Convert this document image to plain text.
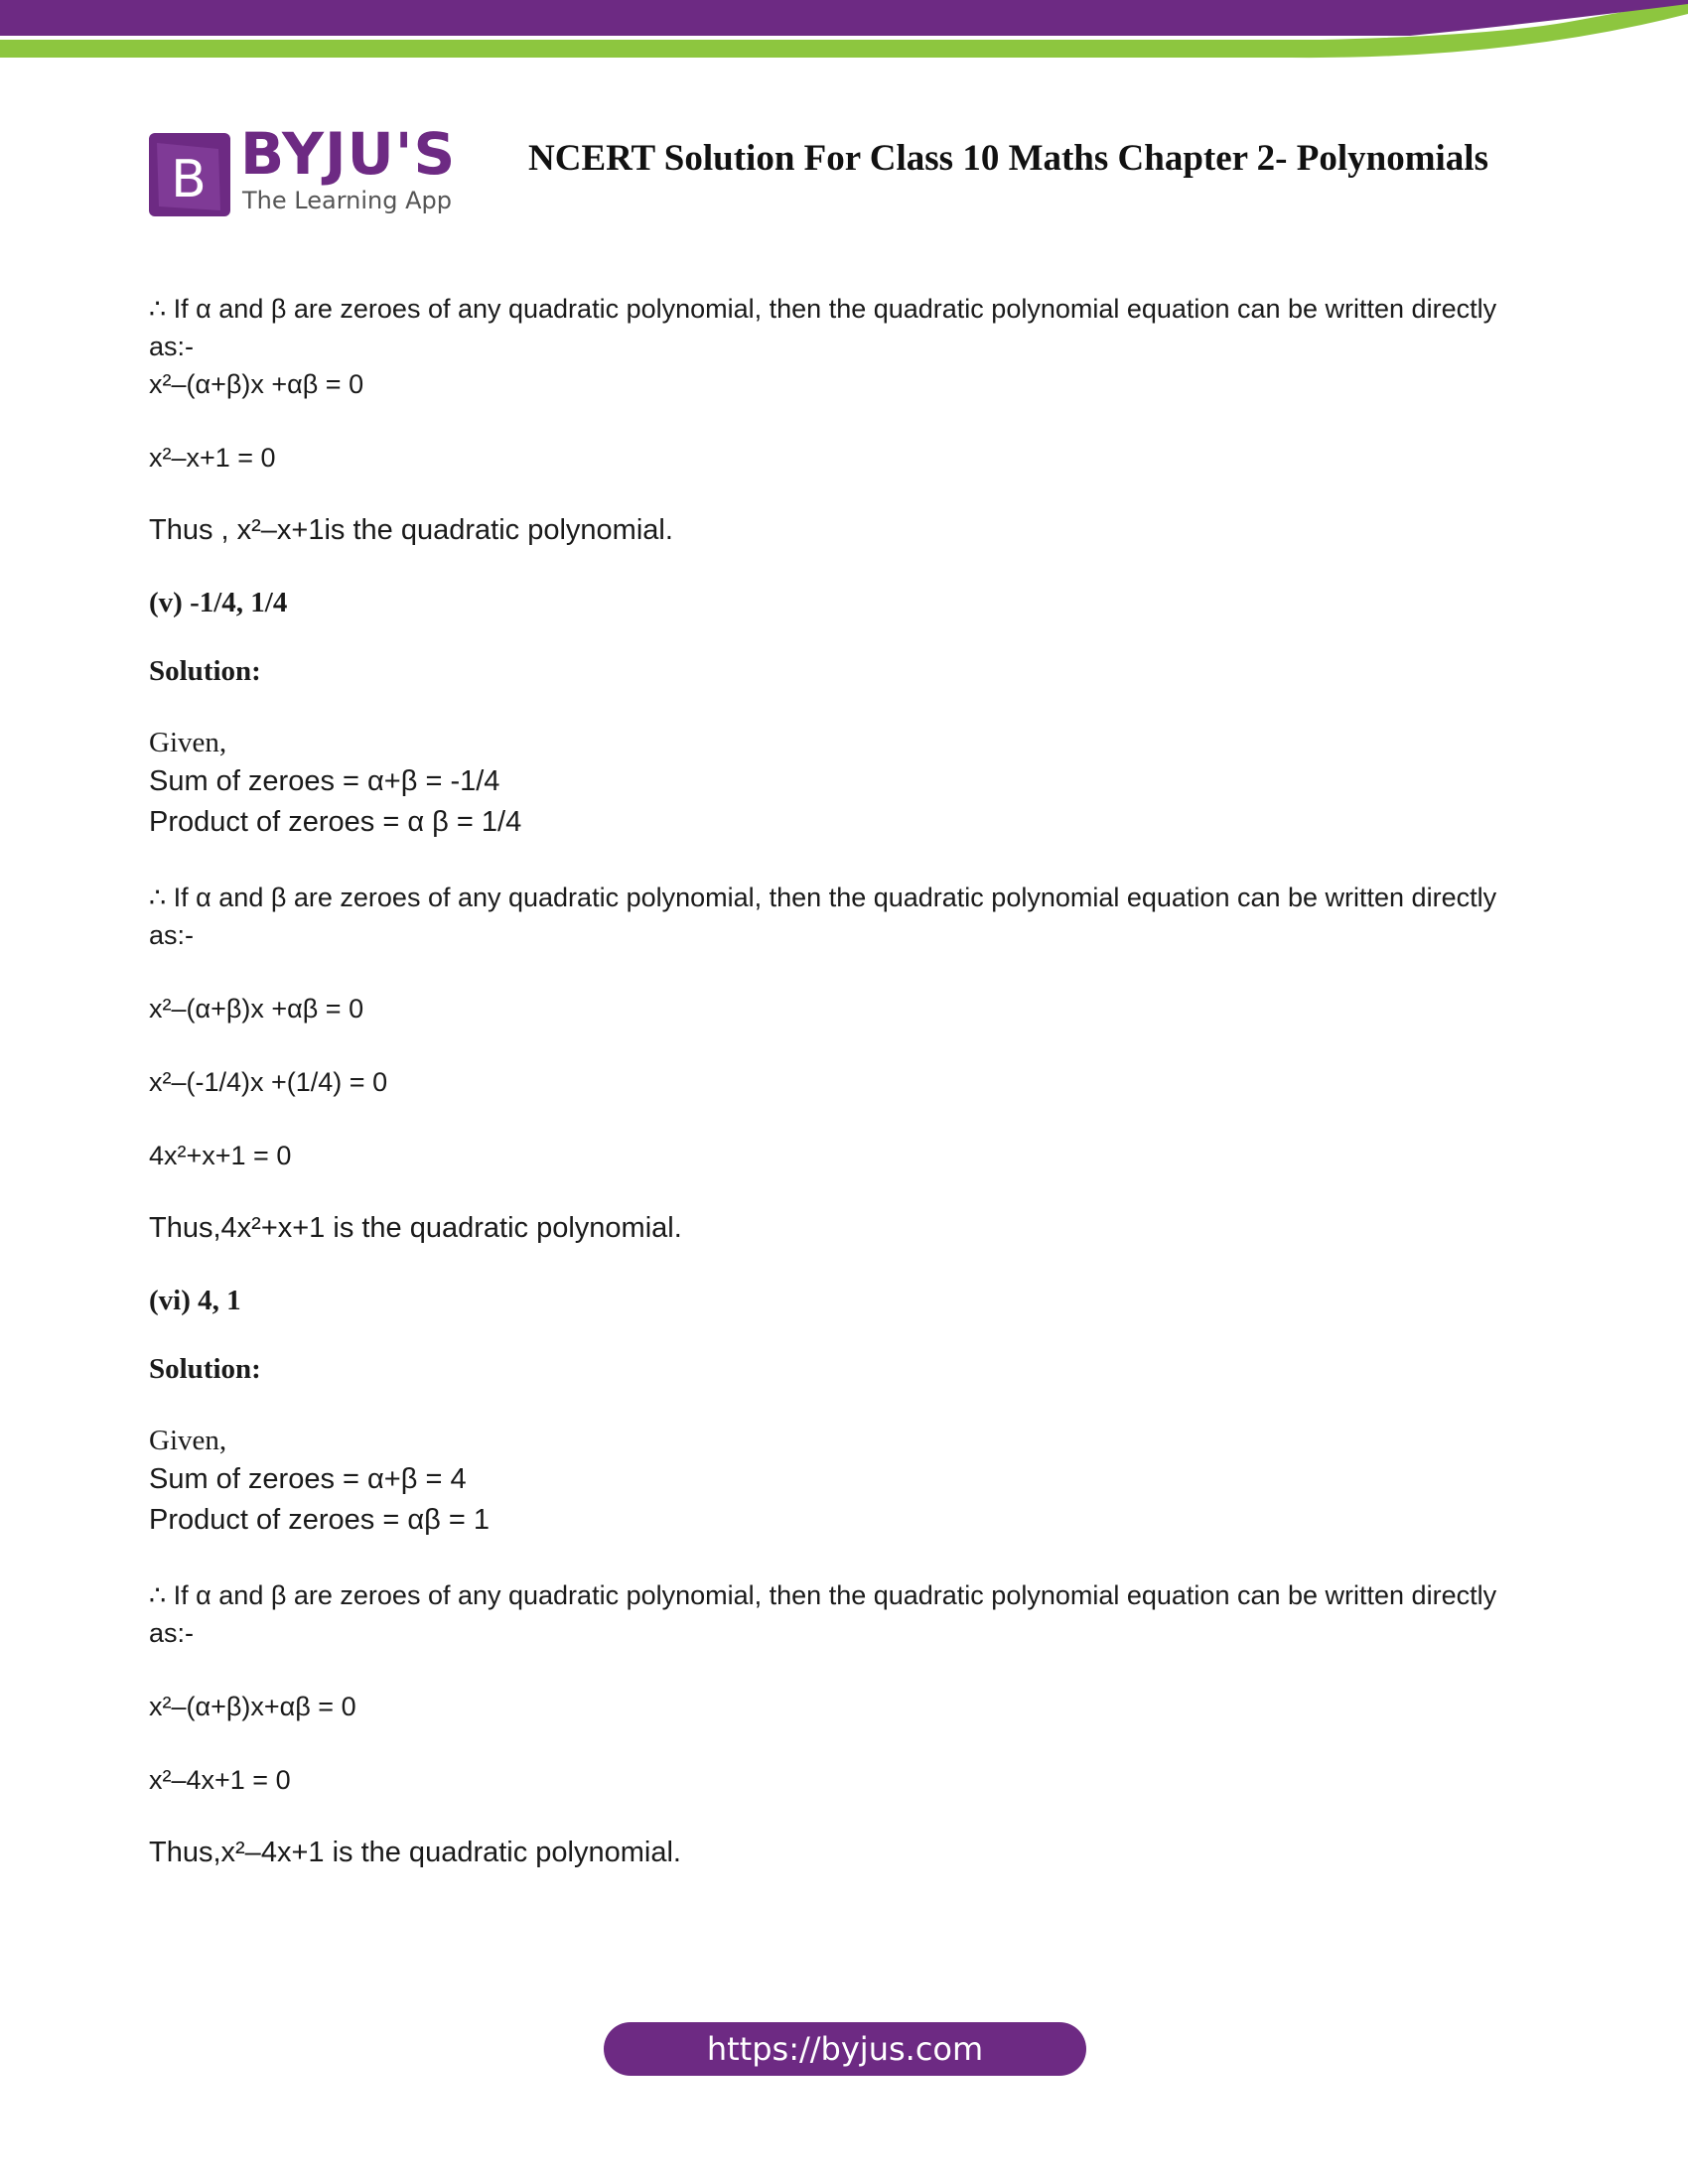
B BYJU'S
The Learning App
NCERT Solution For Class 10 Maths Chapter 2- Polynomials

∴ If α and β are zeroes of any quadratic polynomial, then the quadratic polynomial equation can be written directly

as:-

x²–(α+β)x +αβ = 0

x²–x+1 = 0

Thus , x²–x+1is the quadratic polynomial.

(v) -1/4, 1/4

Solution:

Given,

Sum of zeroes = α+β = -1/4

Product of zeroes = α β = 1/4

∴ If α and β are zeroes of any quadratic polynomial, then the quadratic polynomial equation can be written directly

as:-

x²–(α+β)x +αβ = 0

x²–(-1/4)x +(1/4) = 0

4x²+x+1 = 0

Thus,4x²+x+1 is the quadratic polynomial.

(vi) 4, 1

Solution:

Given,

Sum of zeroes = α+β = 4

Product of zeroes = αβ = 1

∴ If α and β are zeroes of any quadratic polynomial, then the quadratic polynomial equation can be written directly

as:-

x²–(α+β)x+αβ = 0

x²–4x+1 = 0

Thus,x²–4x+1 is the quadratic polynomial.

https://byjus.com
